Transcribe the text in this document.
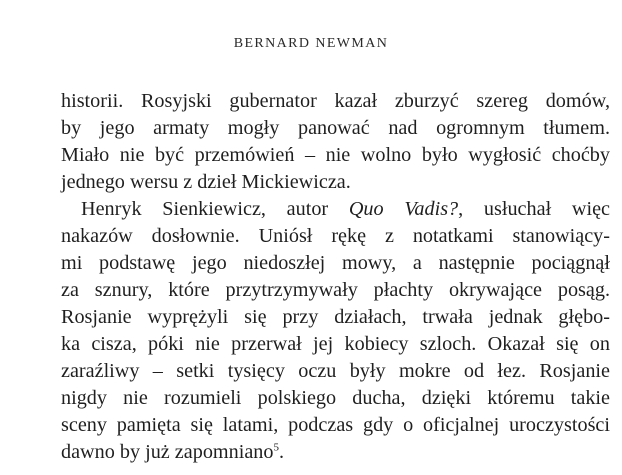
BERNARD NEWMAN
historii. Rosyjski gubernator kazał zburzyć szereg domów,
by jego armaty mogły panować nad ogromnym tłumem.
Miało nie być przemówień – nie wolno było wygłosić choćby
jednego wersu z dzieł Mickiewicza.
Henryk Sienkiewicz, autor Quo Vadis?, usłuchał więc
nakazów dosłownie. Uniósł rękę z notatkami stanowiący-
mi podstawę jego niedoszłej mowy, a następnie pociągnął
za sznury, które przytrzymywały płachty okrywające posąg.
Rosjanie wyprężyli się przy działach, trwała jednak głębo-
ka cisza, póki nie przerwał jej kobiecy szloch. Okazał się on
zaraźliwy – setki tysięcy oczu były mokre od łez. Rosjanie
nigdy nie rozumieli polskiego ducha, dzięki któremu takie
sceny pamięta się latami, podczas gdy o oficjalnej uroczystości
dawno by już zapomniano$^5$.
